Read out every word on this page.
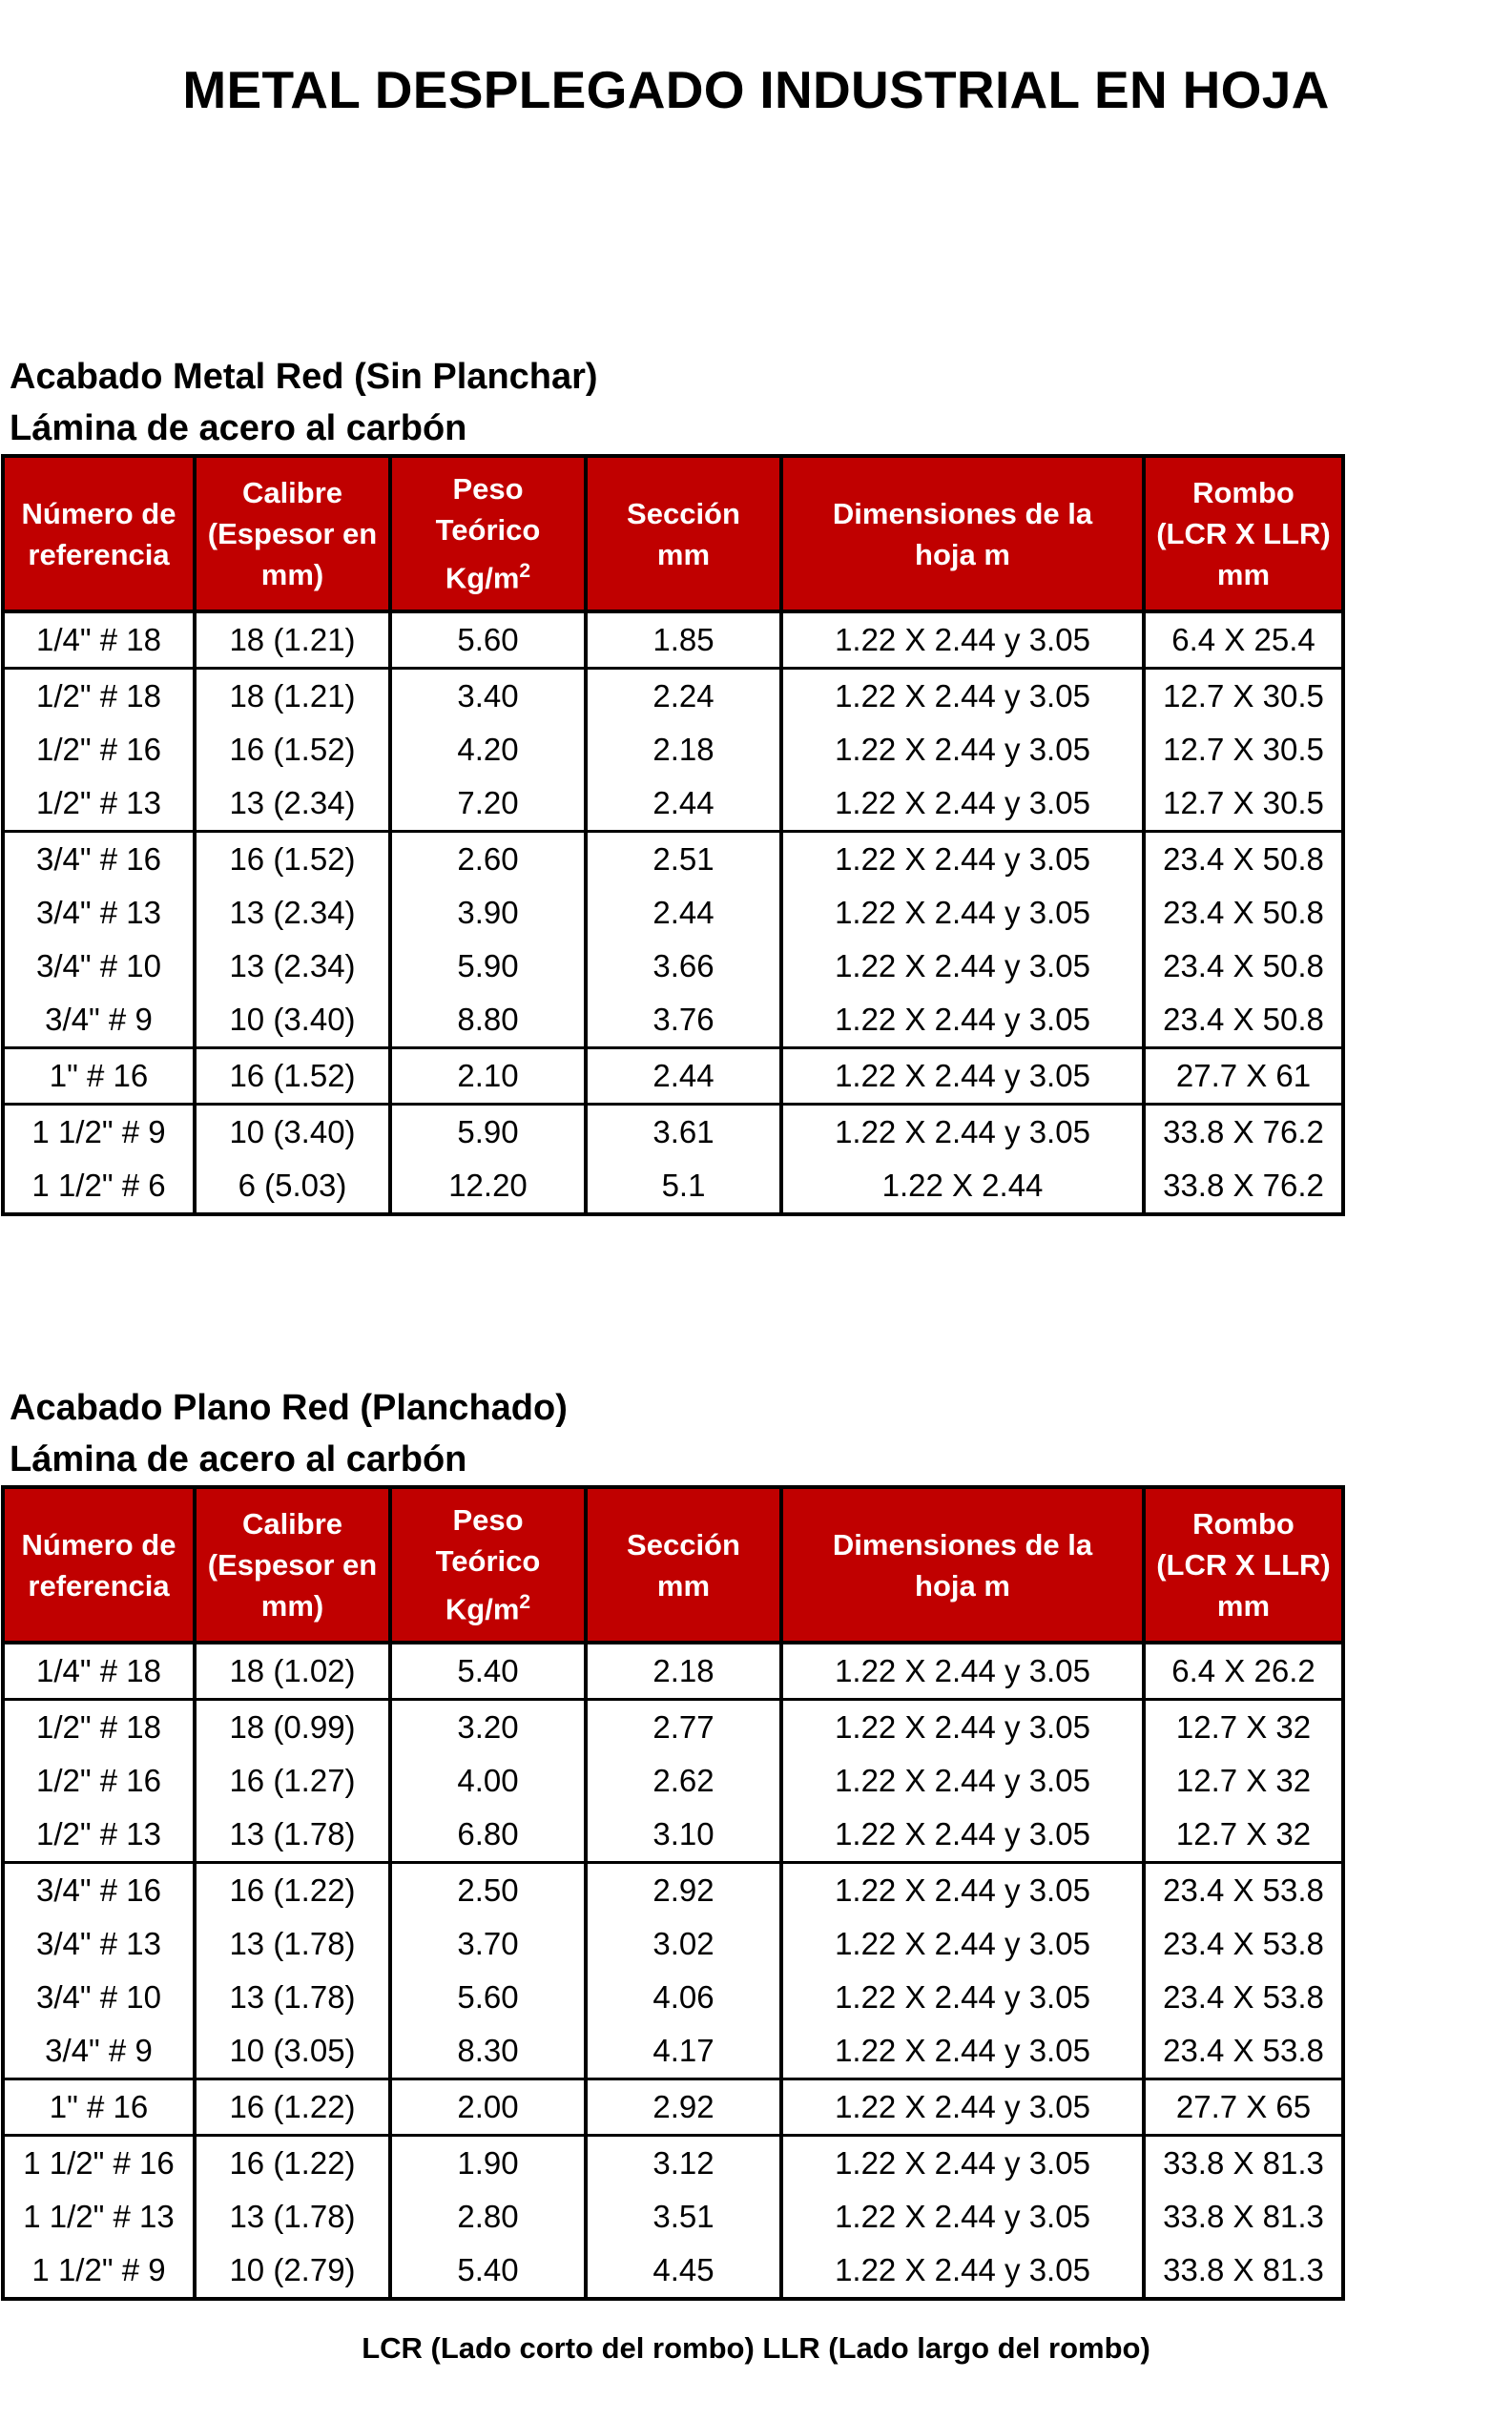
METAL DESPLEGADO INDUSTRIAL EN HOJA
Acabado Metal Red (Sin Planchar)
Lámina de acero al carbón
Número de
referencia	Calibre
(Espesor en
mm)	Peso
Teórico
$Kg/m^2$	Sección
mm	Dimensiones de la
hoja m	Rombo
(LCR X LLR)
mm
1/4" # 18	18 (1.21)	5.60	1.85	1.22 X 2.44 y 3.05	6.4 X 25.4
1/2" # 18	18 (1.21)	3.40	2.24	1.22 X 2.44 y 3.05	12.7 X 30.5
1/2" # 16	16 (1.52)	4.20	2.18	1.22 X 2.44 y 3.05	12.7 X 30.5
1/2" # 13	13 (2.34)	7.20	2.44	1.22 X 2.44 y 3.05	12.7 X 30.5
3/4" # 16	16 (1.52)	2.60	2.51	1.22 X 2.44 y 3.05	23.4 X 50.8
3/4" # 13	13 (2.34)	3.90	2.44	1.22 X 2.44 y 3.05	23.4 X 50.8
3/4" # 10	13 (2.34)	5.90	3.66	1.22 X 2.44 y 3.05	23.4 X 50.8
3/4" # 9	10 (3.40)	8.80	3.76	1.22 X 2.44 y 3.05	23.4 X 50.8
1" # 16	16 (1.52)	2.10	2.44	1.22 X 2.44 y 3.05	27.7 X 61
1 1/2" # 9	10 (3.40)	5.90	3.61	1.22 X 2.44 y 3.05	33.8 X 76.2
1 1/2" # 6	6 (5.03)	12.20	5.1	1.22 X 2.44	33.8 X 76.2
Acabado Plano Red (Planchado)
Lámina de acero al carbón
Número de
referencia	Calibre
(Espesor en
mm)	Peso
Teórico
$Kg/m^2$	Sección
mm	Dimensiones de la
hoja m	Rombo
(LCR X LLR)
mm
1/4" # 18	18 (1.02)	5.40	2.18	1.22 X 2.44 y 3.05	6.4 X 26.2
1/2" # 18	18 (0.99)	3.20	2.77	1.22 X 2.44 y 3.05	12.7 X 32
1/2" # 16	16 (1.27)	4.00	2.62	1.22 X 2.44 y 3.05	12.7 X 32
1/2" # 13	13 (1.78)	6.80	3.10	1.22 X 2.44 y 3.05	12.7 X 32
3/4" # 16	16 (1.22)	2.50	2.92	1.22 X 2.44 y 3.05	23.4 X 53.8
3/4" # 13	13 (1.78)	3.70	3.02	1.22 X 2.44 y 3.05	23.4 X 53.8
3/4" # 10	13 (1.78)	5.60	4.06	1.22 X 2.44 y 3.05	23.4 X 53.8
3/4" # 9	10 (3.05)	8.30	4.17	1.22 X 2.44 y 3.05	23.4 X 53.8
1" # 16	16 (1.22)	2.00	2.92	1.22 X 2.44 y 3.05	27.7 X 65
1 1/2" # 16	16 (1.22)	1.90	3.12	1.22 X 2.44 y 3.05	33.8 X 81.3
1 1/2" # 13	13 (1.78)	2.80	3.51	1.22 X 2.44 y 3.05	33.8 X 81.3
1 1/2" # 9	10 (2.79)	5.40	4.45	1.22 X 2.44 y 3.05	33.8 X 81.3
LCR (Lado corto del rombo) LLR (Lado largo del rombo)
